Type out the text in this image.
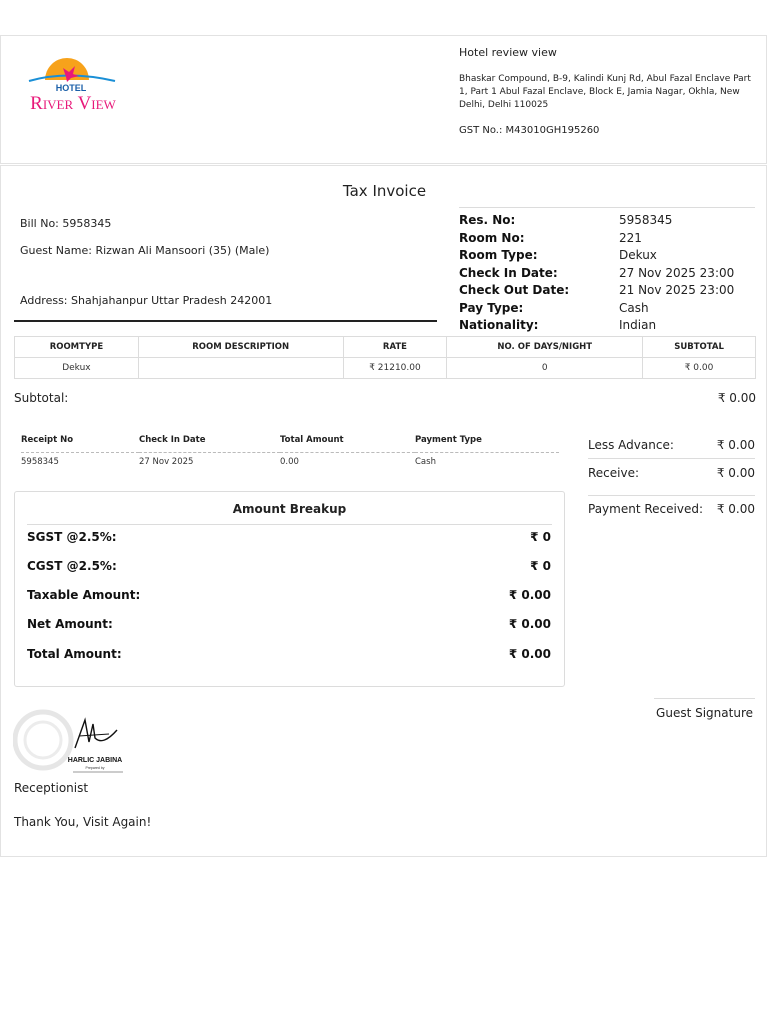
HOTEL
River View
Hotel review view
Bhaskar Compound, B-9, Kalindi Kunj Rd, Abul Fazal Enclave Part 1, Part 1 Abul Fazal Enclave, Block E, Jamia Nagar, Okhla, New Delhi, Delhi 110025
GST No.: M43010GH195260
Tax Invoice
Bill No: 5958345
Guest Name: Rizwan Ali Mansoori (35) (Male)
Address: Shahjahanpur Uttar Pradesh 242001
Res. No:	5958345
Room No:	221
Room Type:	Dekux
Check In Date:	27 Nov 2025 23:00
Check Out Date:	21 Nov 2025 23:00
Pay Type:	Cash
Nationality:	Indian
ROOMTYPE	ROOM DESCRIPTION	RATE	NO. OF DAYS/NIGHT	SUBTOTAL
Dekux		₹ 21210.00	0	₹ 0.00
Subtotal:	₹ 0.00
Receipt No	Check In Date	Total Amount	Payment Type
5958345	27 Nov 2025	0.00	Cash
Less Advance:	₹ 0.00
Receive:	₹ 0.00
Payment Received: ₹ 0.00
Amount Breakup
SGST @2.5%:	₹ 0
CGST @2.5%:	₹ 0
Taxable Amount:	₹ 0.00
Net Amount:	₹ 0.00
Total Amount:	₹ 0.00
Guest Signature
HARLIC JABINA
Prepared by
Receptionist
Thank You, Visit Again!
